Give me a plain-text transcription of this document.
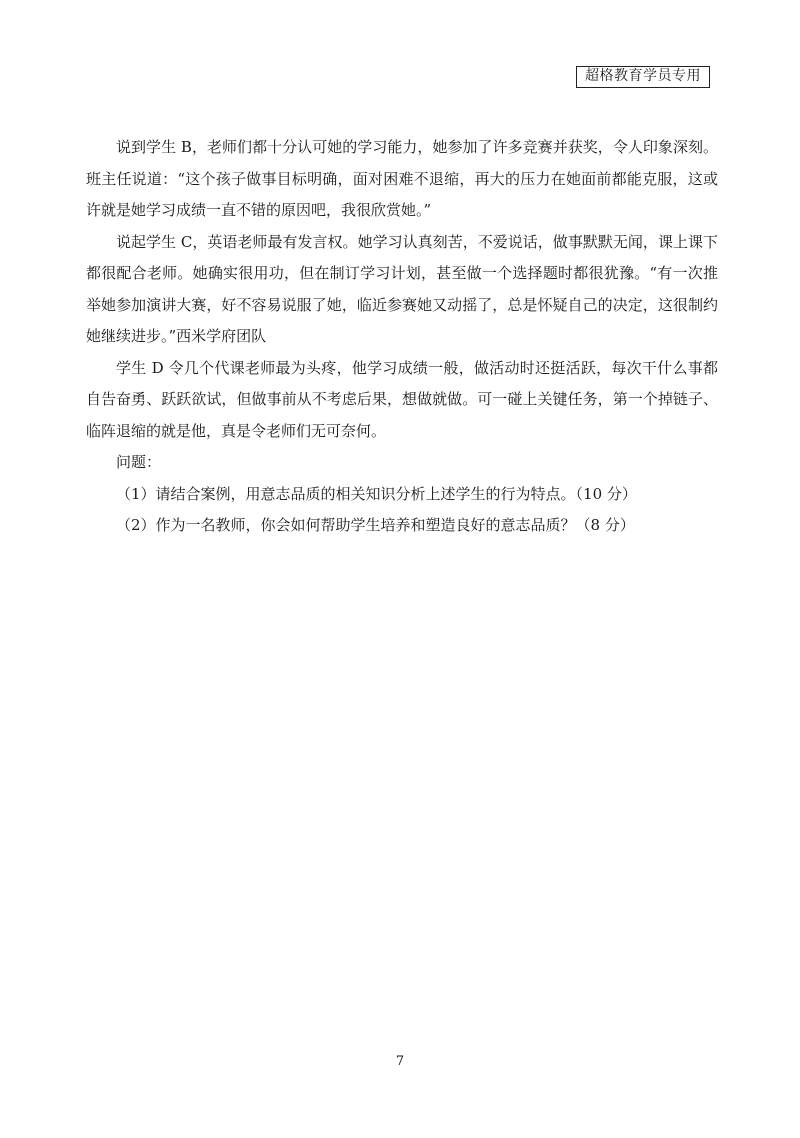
超格教育学员专用

说到学生 B，老师们都十分认可她的学习能力，她参加了许多竞赛并获奖，令人印象深刻。班主任说道：“这个孩子做事目标明确，面对困难不退缩，再大的压力在她面前都能克服，这或许就是她学习成绩一直不错的原因吧，我很欣赏她。”

说起学生 C，英语老师最有发言权。她学习认真刻苦，不爱说话，做事默默无闻，课上课下都很配合老师。她确实很用功，但在制订学习计划，甚至做一个选择题时都很犹豫。“有一次推举她参加演讲大赛，好不容易说服了她，临近参赛她又动摇了，总是怀疑自己的决定，这很制约她继续进步。”西米学府团队

学生 D 令几个代课老师最为头疼，他学习成绩一般，做活动时还挺活跃，每次干什么事都自告奋勇、跃跃欲试，但做事前从不考虑后果，想做就做。可一碰上关键任务，第一个掉链子、临阵退缩的就是他，真是令老师们无可奈何。

问题：

（1）请结合案例，用意志品质的相关知识分析上述学生的行为特点。（10 分）

（2）作为一名教师，你会如何帮助学生培养和塑造良好的意志品质？（8 分）

7
